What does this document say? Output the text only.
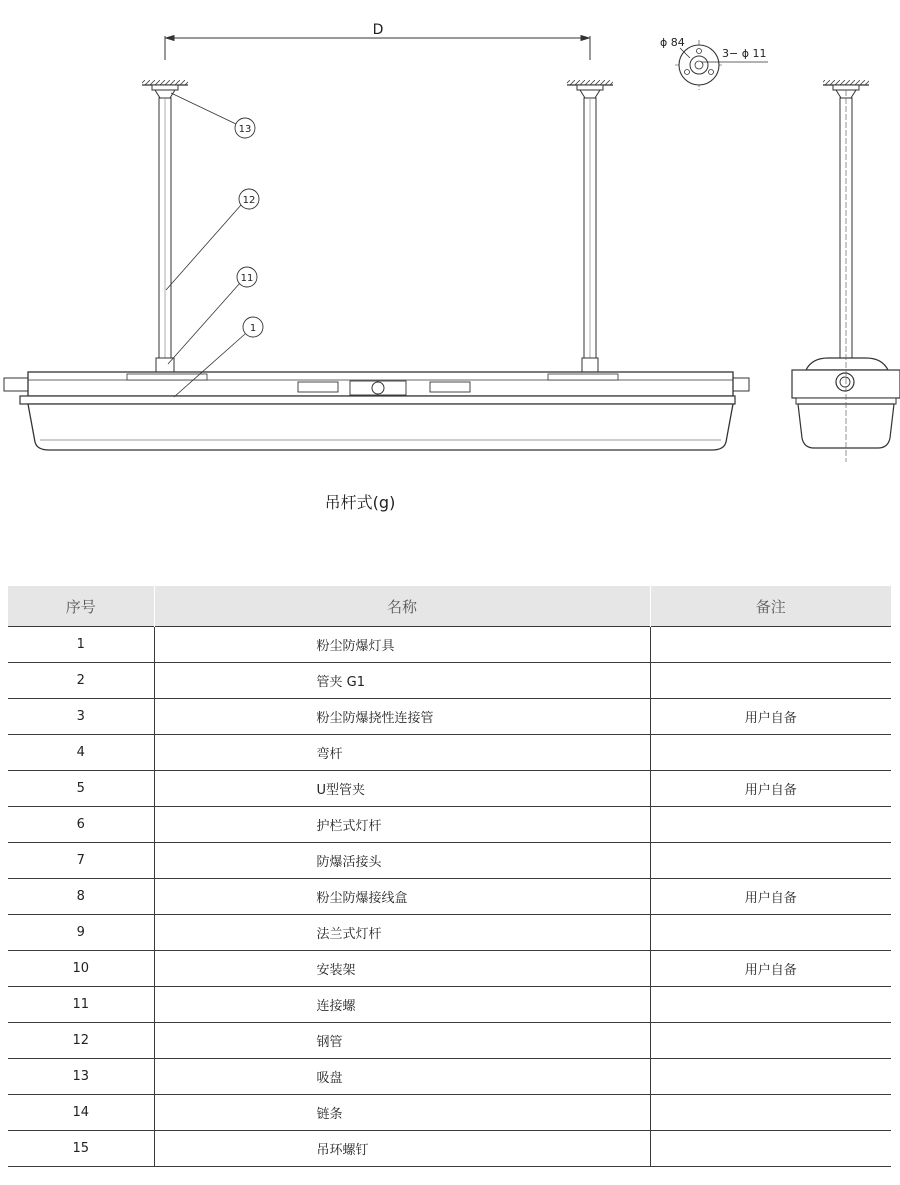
D
13
12
11
1
ϕ 84
3− ϕ 11
吊杆式(g)
序号	名称	备注
1	粉尘防爆灯具	
2	管夹 G1	
3	粉尘防爆挠性连接管	用户自备
4	弯杆	
5	U型管夹	用户自备
6	护栏式灯杆	
7	防爆活接头	
8	粉尘防爆接线盒	用户自备
9	法兰式灯杆	
10	安装架	用户自备
11	连接螺	
12	钢管	
13	吸盘	
14	链条	
15	吊环螺钉	
